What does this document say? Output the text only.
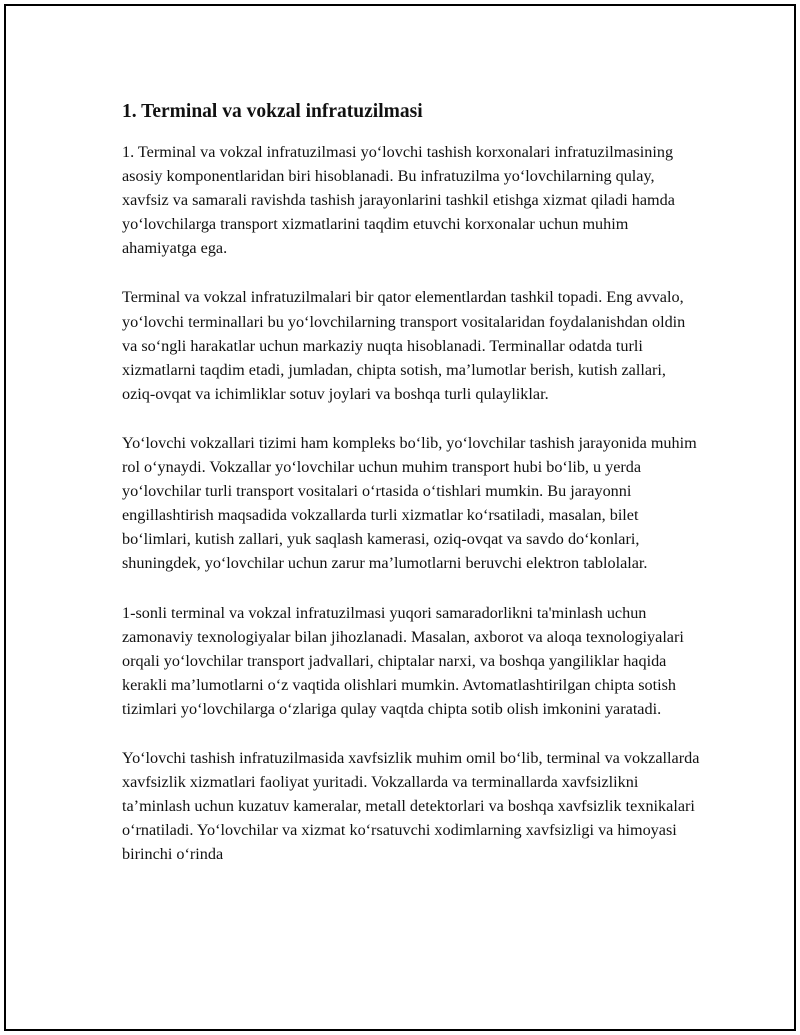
1. Terminal va vokzal infratuzilmasi

1. Terminal va vokzal infratuzilmasi yo‘lovchi tashish korxonalari infratuzilmasining asosiy komponentlaridan biri hisoblanadi. Bu infratuzilma yo‘lovchilarning qulay, xavfsiz va samarali ravishda tashish jarayonlarini tashkil etishga xizmat qiladi hamda yo‘lovchilarga transport xizmatlarini taqdim etuvchi korxonalar uchun muhim ahamiyatga ega.

Terminal va vokzal infratuzilmalari bir qator elementlardan tashkil topadi. Eng avvalo, yo‘lovchi terminallari bu yo‘lovchilarning transport vositalaridan foydalanishdan oldin va so‘ngli harakatlar uchun markaziy nuqta hisoblanadi. Terminallar odatda turli xizmatlarni taqdim etadi, jumladan, chipta sotish, ma’lumotlar berish, kutish zallari, oziq-ovqat va ichimliklar sotuv joylari va boshqa turli qulayliklar.

Yo‘lovchi vokzallari tizimi ham kompleks bo‘lib, yo‘lovchilar tashish jarayonida muhim rol o‘ynaydi. Vokzallar yo‘lovchilar uchun muhim transport hubi bo‘lib, u yerda yo‘lovchilar turli transport vositalari o‘rtasida o‘tishlari mumkin. Bu jarayonni engillashtirish maqsadida vokzallarda turli xizmatlar ko‘rsatiladi, masalan, bilet bo‘limlari, kutish zallari, yuk saqlash kamerasi, oziq-ovqat va savdo do‘konlari, shuningdek, yo‘lovchilar uchun zarur ma’lumotlarni beruvchi elektron tablolalar.

1-sonli terminal va vokzal infratuzilmasi yuqori samaradorlikni ta'minlash uchun zamonaviy texnologiyalar bilan jihozlanadi. Masalan, axborot va aloqa texnologiyalari orqali yo‘lovchilar transport jadvallari, chiptalar narxi, va boshqa yangiliklar haqida kerakli ma’lumotlarni o‘z vaqtida olishlari mumkin. Avtomatlashtirilgan chipta sotish tizimlari yo‘lovchilarga o‘zlariga qulay vaqtda chipta sotib olish imkonini yaratadi.

Yo‘lovchi tashish infratuzilmasida xavfsizlik muhim omil bo‘lib, terminal va vokzallarda xavfsizlik xizmatlari faoliyat yuritadi. Vokzallarda va terminallarda xavfsizlikni ta’minlash uchun kuzatuv kameralar, metall detektorlari va boshqa xavfsizlik texnikalari o‘rnatiladi. Yo‘lovchilar va xizmat ko‘rsatuvchi xodimlarning xavfsizligi va himoyasi birinchi o‘rinda
